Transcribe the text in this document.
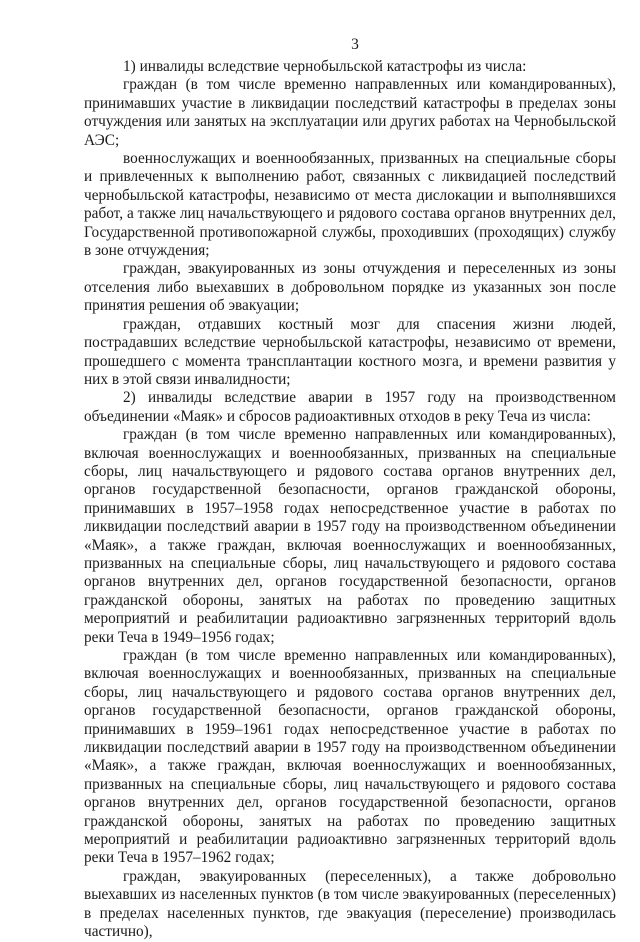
3

1) инвалиды вследствие чернобыльской катастрофы из числа:

граждан (в том числе временно направленных или командированных), принимавших участие в ликвидации последствий катастрофы в пределах зоны отчуждения или занятых на эксплуатации или других работах на Чернобыльской АЭС;

военнослужащих и военнообязанных, призванных на специальные сборы и привлеченных к выполнению работ, связанных с ликвидацией последствий чернобыльской катастрофы, независимо от места дислокации и выполнявшихся работ, а также лиц начальствующего и рядового состава органов внутренних дел, Государственной противопожарной службы, проходивших (проходящих) службу в зоне отчуждения;

граждан, эвакуированных из зоны отчуждения и переселенных из зоны отселения либо выехавших в добровольном порядке из указанных зон после принятия решения об эвакуации;

граждан, отдавших костный мозг для спасения жизни людей, пострадавших вследствие чернобыльской катастрофы, независимо от времени, прошедшего с момента трансплантации костного мозга, и времени развития у них в этой связи инвалидности;

2) инвалиды вследствие аварии в 1957 году на производственном объединении «Маяк» и сбросов радиоактивных отходов в реку Теча из числа:

граждан (в том числе временно направленных или командированных), включая военнослужащих и военнообязанных, призванных на специальные сборы, лиц начальствующего и рядового состава органов внутренних дел, органов государственной безопасности, органов гражданской обороны, принимавших в 1957–1958 годах непосредственное участие в работах по ликвидации последствий аварии в 1957 году на производственном объединении «Маяк», а также граждан, включая военнослужащих и военнообязанных, призванных на специальные сборы, лиц начальствующего и рядового состава органов внутренних дел, органов государственной безопасности, органов гражданской обороны, занятых на работах по проведению защитных мероприятий и реабилитации радиоактивно загрязненных территорий вдоль реки Теча в 1949–1956 годах;

граждан (в том числе временно направленных или командированных), включая военнослужащих и военнообязанных, призванных на специальные сборы, лиц начальствующего и рядового состава органов внутренних дел, органов государственной безопасности, органов гражданской обороны, принимавших в 1959–1961 годах непосредственное участие в работах по ликвидации последствий аварии в 1957 году на производственном объединении «Маяк», а также граждан, включая военнослужащих и военнообязанных, призванных на специальные сборы, лиц начальствующего и рядового состава органов внутренних дел, органов государственной безопасности, органов гражданской обороны, занятых на работах по проведению защитных мероприятий и реабилитации радиоактивно загрязненных территорий вдоль реки Теча в 1957–1962 годах;

граждан, эвакуированных (переселенных), а также добровольно выехавших из населенных пунктов (в том числе эвакуированных (переселенных) в пределах населенных пунктов, где эвакуация (переселение) производилась частично),
